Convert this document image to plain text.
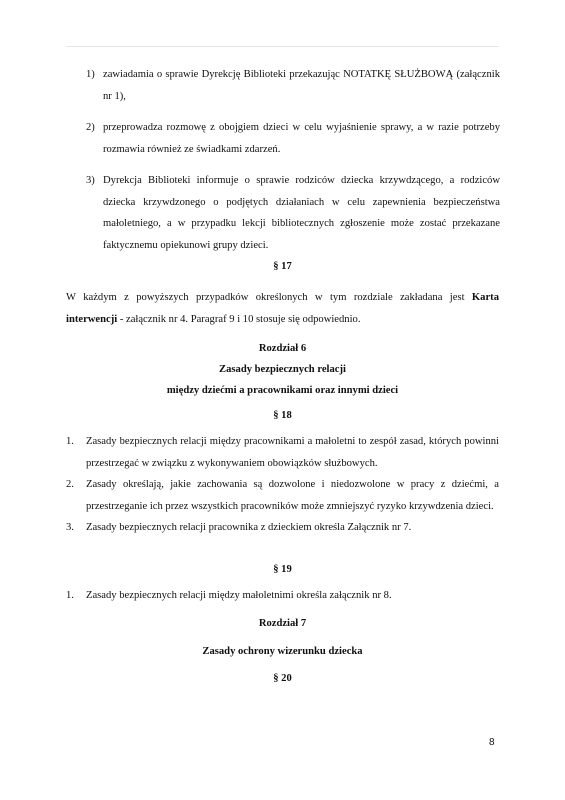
1) zawiadamia o sprawie Dyrekcję Biblioteki przekazując NOTATKĘ SŁUŻBOWĄ (załącznik nr 1),
2) przeprowadza rozmowę z obojgiem dzieci w celu wyjaśnienie sprawy, a w razie potrzeby rozmawia również ze świadkami zdarzeń.
3) Dyrekcja Biblioteki informuje o sprawie rodziców dziecka krzywdzącego, a rodziców dziecka krzywdzonego o podjętych działaniach w celu zapewnienia bezpieczeństwa małoletniego, a w przypadku lekcji bibliotecznych zgłoszenie może zostać przekazane faktycznemu opiekunowi grupy dzieci.
§ 17
W każdym z powyższych przypadków określonych w tym rozdziale zakładana jest Karta interwencji - załącznik nr 4. Paragraf 9 i 10 stosuje się odpowiednio.
Rozdział 6
Zasady bezpiecznych relacji
między dziećmi a pracownikami oraz innymi dzieci
§ 18
1. Zasady bezpiecznych relacji między pracownikami a małoletni to zespół zasad, których powinni przestrzegać w związku z wykonywaniem obowiązków służbowych.
2. Zasady określają, jakie zachowania są dozwolone i niedozwolone w pracy z dziećmi, a przestrzeganie ich przez wszystkich pracowników może zmniejszyć ryzyko krzywdzenia dzieci.
3. Zasady bezpiecznych relacji pracownika z dzieckiem określa Załącznik nr 7.
§ 19
1. Zasady bezpiecznych relacji między małoletnimi określa załącznik nr 8.
Rozdział 7
Zasady ochrony wizerunku dziecka
§ 20
8
